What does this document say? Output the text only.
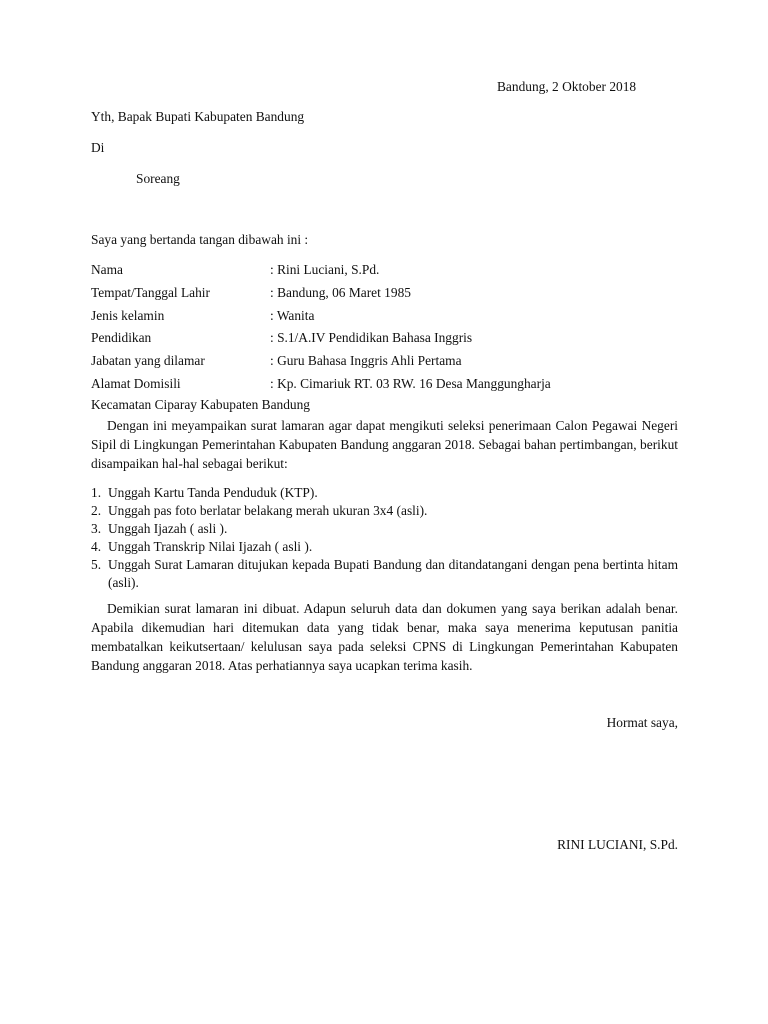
Bandung, 2 Oktober 2018
Yth, Bapak Bupati Kabupaten Bandung
Di
Soreang
Saya yang bertanda tangan dibawah ini :
Nama	: Rini Luciani, S.Pd.
Tempat/Tanggal Lahir	: Bandung, 06 Maret 1985
Jenis kelamin	: Wanita
Pendidikan	: S.1/A.IV Pendidikan Bahasa Inggris
Jabatan yang dilamar	: Guru Bahasa Inggris Ahli Pertama
Alamat Domisili	: Kp. Cimariuk RT. 03 RW. 16 Desa Manggungharja
Kecamatan Ciparay Kabupaten Bandung

Dengan ini meyampaikan surat lamaran agar dapat mengikuti seleksi penerimaan Calon Pegawai Negeri Sipil di Lingkungan Pemerintahan Kabupaten Bandung anggaran 2018. Sebagai bahan pertimbangan, berikut disampaikan hal-hal sebagai berikut:

1. Unggah Kartu Tanda Penduduk (KTP).
2. Unggah pas foto berlatar belakang merah ukuran 3x4 (asli).
3. Unggah Ijazah ( asli ).
4. Unggah Transkrip Nilai Ijazah ( asli ).
5. Unggah Surat Lamaran ditujukan kepada Bupati Bandung dan ditandatangani dengan pena bertinta hitam (asli).

Demikian surat lamaran ini dibuat. Adapun seluruh data dan dokumen yang saya berikan adalah benar. Apabila dikemudian hari ditemukan data yang tidak benar, maka saya menerima keputusan panitia membatalkan keikutsertaan/ kelulusan saya pada seleksi CPNS di Lingkungan Pemerintahan Kabupaten Bandung anggaran 2018. Atas perhatiannya saya ucapkan terima kasih.

Hormat saya,
RINI LUCIANI, S.Pd.
